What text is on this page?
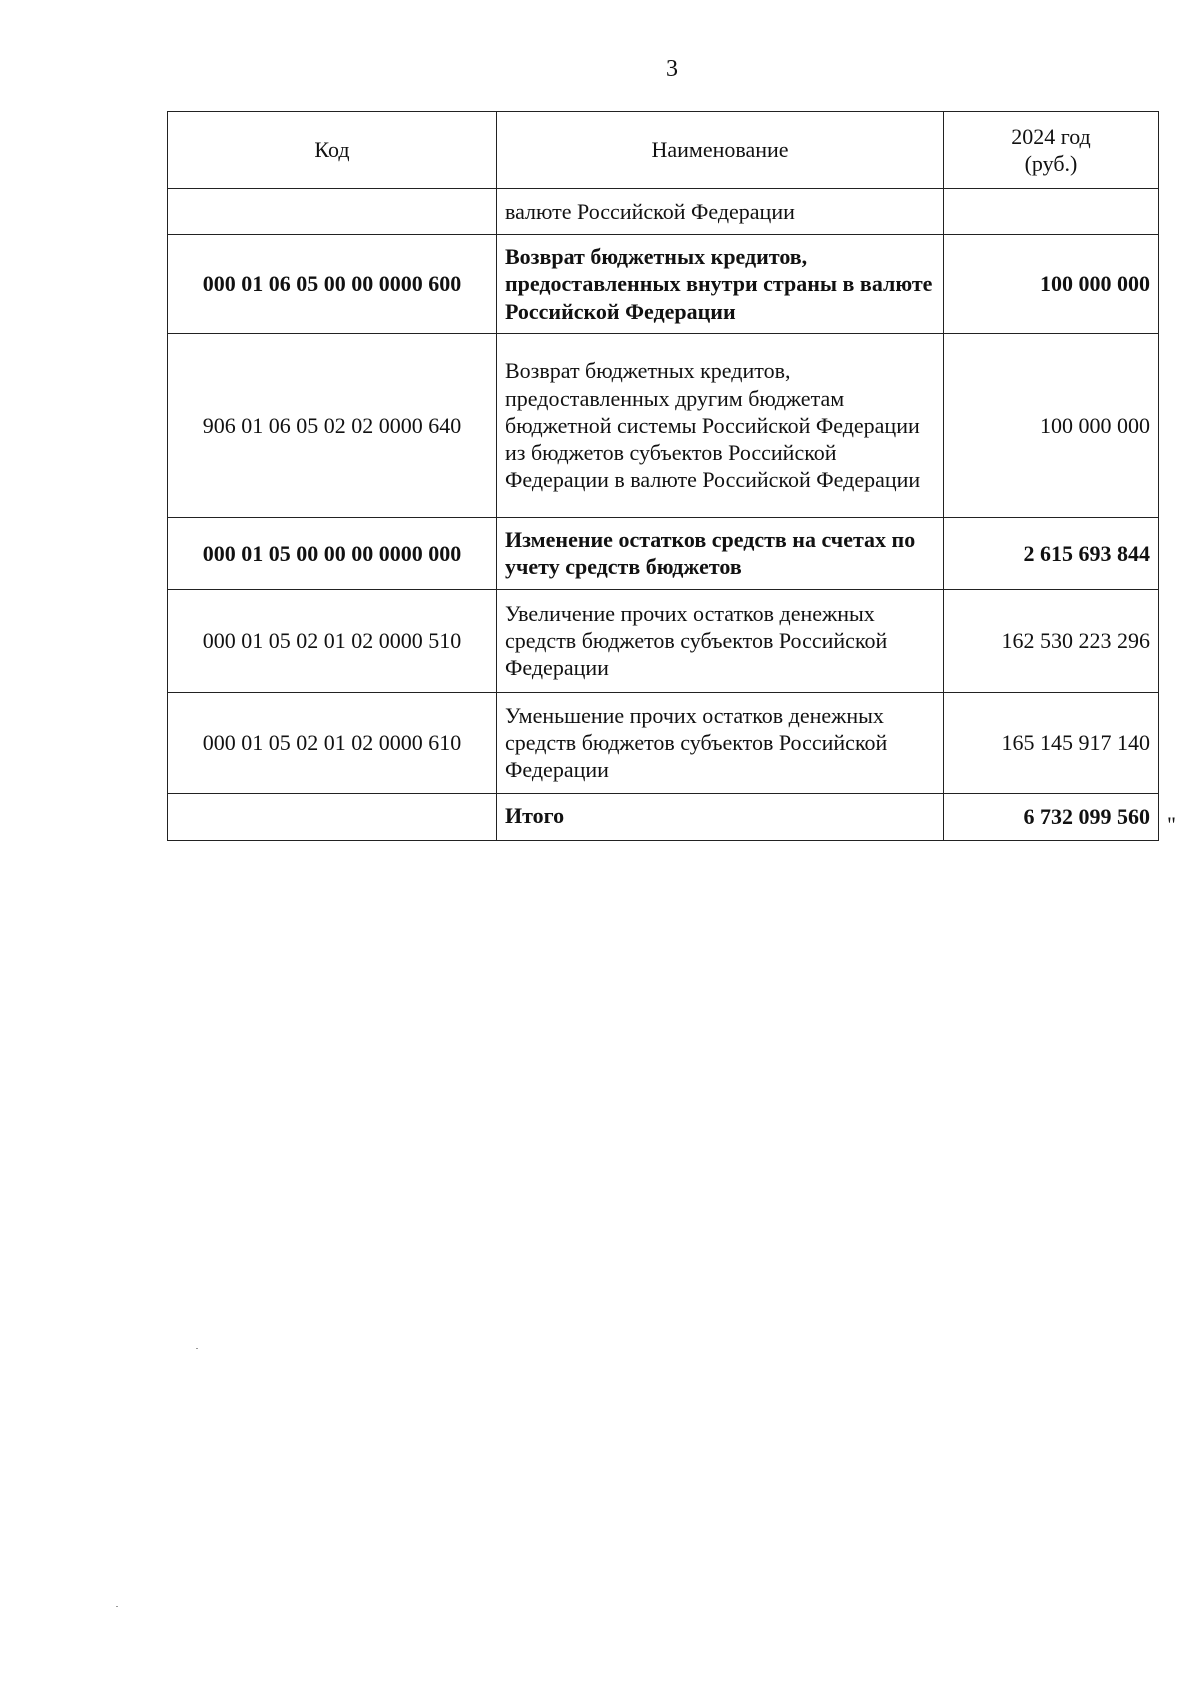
3
Код	Наименование	2024 год
(руб.)
	валюте Российской Федерации	
000 01 06 05 00 00 0000 600	Возврат бюджетных кредитов, предоставленных внутри страны в валюте Российской Федерации	100 000 000
906 01 06 05 02 02 0000 640	Возврат бюджетных кредитов, предоставленных другим бюджетам бюджетной системы Российской Федерации из бюджетов субъектов Российской Федерации в валюте Российской Федерации	100 000 000
000 01 05 00 00 00 0000 000	Изменение остатков средств на счетах по учету средств бюджетов	2 615 693 844
000 01 05 02 01 02 0000 510	Увеличение прочих остатков денежных средств бюджетов субъектов Российской Федерации	162 530 223 296
000 01 05 02 01 02 0000 610	Уменьшение прочих остатков денежных средств бюджетов субъектов Российской Федерации	165 145 917 140
	Итого	6 732 099 560 "
